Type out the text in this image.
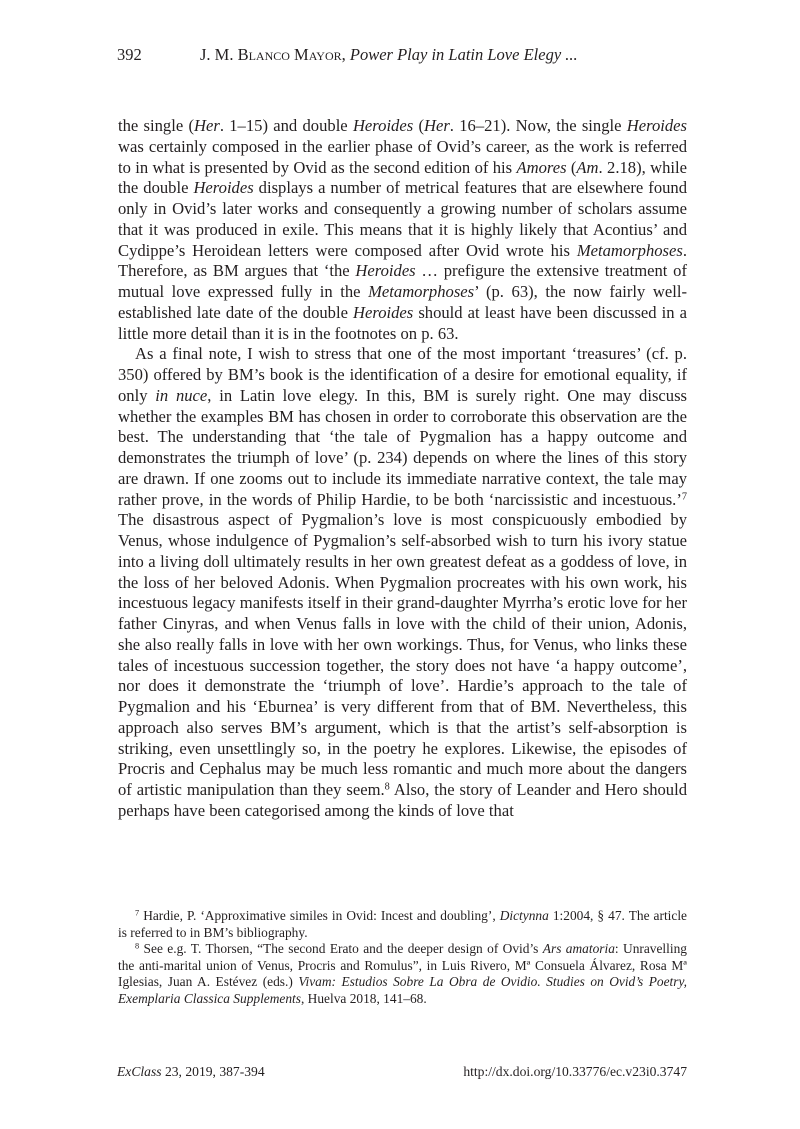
392	J. M. Blanco Mayor, Power Play in Latin Love Elegy ...

the single (Her. 1–15) and double Heroides (Her. 16–21). Now, the single Heroides was certainly composed in the earlier phase of Ovid’s career, as the work is referred to in what is presented by Ovid as the second edition of his Amores (Am. 2.18), while the double Heroides displays a number of metrical features that are elsewhere found only in Ovid’s later works and consequently a growing number of scholars assume that it was produced in exile. This means that it is highly likely that Acontius’ and Cydippe’s Heroidean letters were composed after Ovid wrote his Metamorphoses. Therefore, as BM argues that ‘the Heroides … prefigure the extensive treatment of mutual love expressed fully in the Metamorphoses’ (p. 63), the now fairly well-established late date of the double Heroides should at least have been discussed in a little more detail than it is in the footnotes on p. 63.

As a final note, I wish to stress that one of the most important ‘treasures’ (cf. p. 350) offered by BM’s book is the identification of a desire for emotional equality, if only in nuce, in Latin love elegy. In this, BM is surely right. One may discuss whether the examples BM has chosen in order to corroborate this observation are the best. The understanding that ‘the tale of Pygmalion has a happy outcome and demonstrates the triumph of love’ (p. 234) depends on where the lines of this story are drawn. If one zooms out to include its immediate narrative context, the tale may rather prove, in the words of Philip Hardie, to be both ‘narcissistic and incestuous.’$^7$ The disastrous aspect of Pygmalion’s love is most conspicuously embodied by Venus, whose indulgence of Pygmalion’s self-absorbed wish to turn his ivory statue into a living doll ultimately results in her own greatest defeat as a goddess of love, in the loss of her beloved Adonis. When Pygmalion procreates with his own work, his incestuous legacy manifests itself in their grand-daughter Myrrha’s erotic love for her father Cinyras, and when Venus falls in love with the child of their union, Adonis, she also really falls in love with her own workings. Thus, for Venus, who links these tales of incestuous succession together, the story does not have ‘a happy outcome’, nor does it demonstrate the ‘triumph of love’. Hardie’s approach to the tale of Pygmalion and his ‘Eburnea’ is very different from that of BM. Nevertheless, this approach also serves BM’s argument, which is that the artist’s self-absorption is striking, even unsettlingly so, in the poetry he explores. Likewise, the episodes of Procris and Cephalus may be much less romantic and much more about the dangers of artistic manipulation than they seem.$^8$ Also, the story of Leander and Hero should perhaps have been categorised among the kinds of love that

$^7$ Hardie, P. ‘Approximative similes in Ovid: Incest and doubling’, Dictynna 1:2004, § 47. The article is referred to in BM’s bibliography.

$^8$ See e.g. T. Thorsen, “The second Erato and the deeper design of Ovid’s Ars amatoria: Unravelling the anti-marital union of Venus, Procris and Romulus”, in Luis Rivero, Mª Consuela Álvarez, Rosa Mª Iglesias, Juan A. Estévez (eds.) Vivam: Estudios Sobre La Obra de Ovidio. Studies on Ovid’s Poetry, Exemplaria Classica Supplements, Huelva 2018, 141–68.

ExClass 23, 2019, 387-394	http://dx.doi.org/10.33776/ec.v23i0.3747
